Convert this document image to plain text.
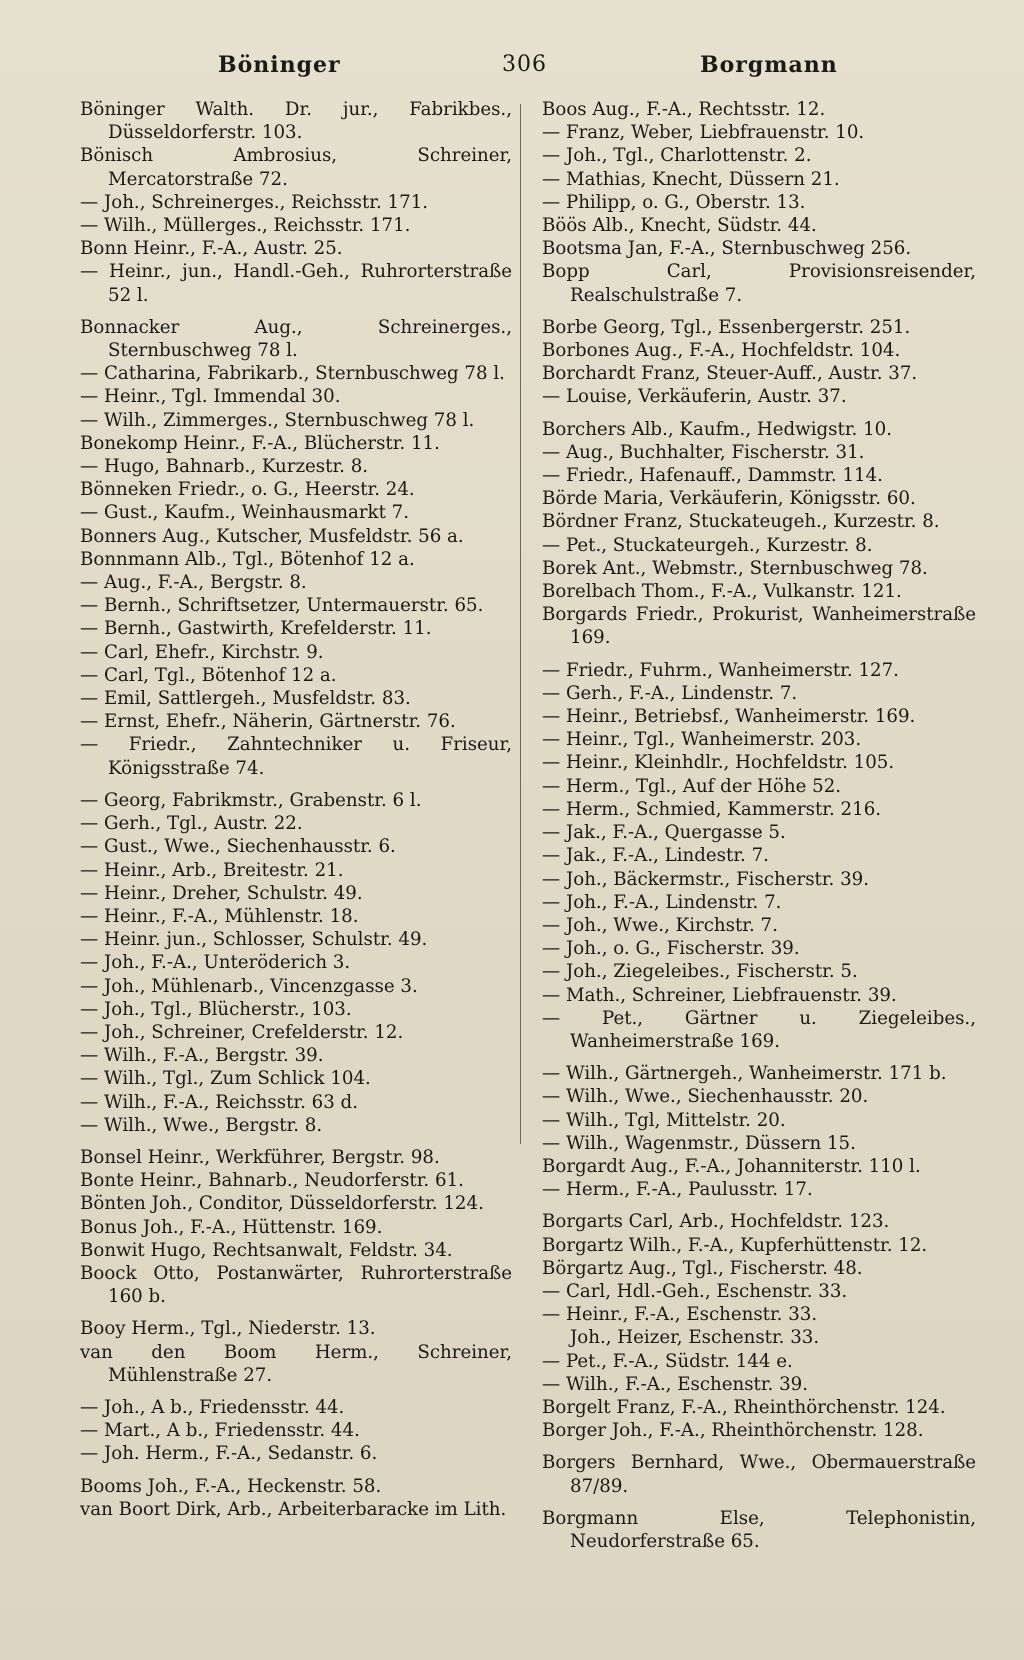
Böninger	306	Borgmann

Böninger Walth. Dr. jur., Fabrikbes., Düsseldorferstr. 103.

Bönisch Ambrosius, Schreiner, Mercatorstraße 72.

— Joh., Schreinerges., Reichsstr. 171.

— Wilh., Müllerges., Reichsstr. 171.

Bonn Heinr., F.-A., Austr. 25.

— Heinr., jun., Handl.-Geh., Ruhrorterstraße 52 l.

Bonnacker Aug., Schreinerges., Sternbuschweg 78 l.

— Catharina, Fabrikarb., Sternbuschweg 78 l.

— Heinr., Tgl. Immendal 30.

— Wilh., Zimmerges., Sternbuschweg 78 l.

Bonekomp Heinr., F.-A., Blücherstr. 11.

— Hugo, Bahnarb., Kurzestr. 8.

Bönneken Friedr., o. G., Heerstr. 24.

— Gust., Kaufm., Weinhausmarkt 7.

Bonners Aug., Kutscher, Musfeldstr. 56 a.

Bonnmann Alb., Tgl., Bötenhof 12 a.

— Aug., F.-A., Bergstr. 8.

— Bernh., Schriftsetzer, Untermauerstr. 65.

— Bernh., Gastwirth, Krefelderstr. 11.

— Carl, Ehefr., Kirchstr. 9.

— Carl, Tgl., Bötenhof 12 a.

— Emil, Sattlergeh., Musfeldstr. 83.

— Ernst, Ehefr., Näherin, Gärtnerstr. 76.

— Friedr., Zahntechniker u. Friseur, Königsstraße 74.

— Georg, Fabrikmstr., Grabenstr. 6 l.

— Gerh., Tgl., Austr. 22.

— Gust., Wwe., Siechenhausstr. 6.

— Heinr., Arb., Breitestr. 21.

— Heinr., Dreher, Schulstr. 49.

— Heinr., F.-A., Mühlenstr. 18.

— Heinr. jun., Schlosser, Schulstr. 49.

— Joh., F.-A., Unteröderich 3.

— Joh., Mühlenarb., Vincenzgasse 3.

— Joh., Tgl., Blücherstr., 103.

— Joh., Schreiner, Crefelderstr. 12.

— Wilh., F.-A., Bergstr. 39.

— Wilh., Tgl., Zum Schlick 104.

— Wilh., F.-A., Reichsstr. 63 d.

— Wilh., Wwe., Bergstr. 8.

Bonsel Heinr., Werkführer, Bergstr. 98.

Bonte Heinr., Bahnarb., Neudorferstr. 61.

Bönten Joh., Conditor, Düsseldorferstr. 124.

Bonus Joh., F.-A., Hüttenstr. 169.

Bonwit Hugo, Rechtsanwalt, Feldstr. 34.

Boock Otto, Postanwärter, Ruhrorterstraße 160 b.

Booy Herm., Tgl., Niederstr. 13.

van den Boom Herm., Schreiner, Mühlenstraße 27.

— Joh., A b., Friedensstr. 44.

— Mart., A b., Friedensstr. 44.

— Joh. Herm., F.-A., Sedanstr. 6.

Booms Joh., F.-A., Heckenstr. 58.

van Boort Dirk, Arb., Arbeiterbaracke im Lith.

Boos Aug., F.-A., Rechtsstr. 12.

— Franz, Weber, Liebfrauenstr. 10.

— Joh., Tgl., Charlottenstr. 2.

— Mathias, Knecht, Düssern 21.

— Philipp, o. G., Oberstr. 13.

Böös Alb., Knecht, Südstr. 44.

Bootsma Jan, F.-A., Sternbuschweg 256.

Bopp Carl, Provisionsreisender, Realschulstraße 7.

Borbe Georg, Tgl., Essenbergerstr. 251.

Borbones Aug., F.-A., Hochfeldstr. 104.

Borchardt Franz, Steuer-Auff., Austr. 37.

— Louise, Verkäuferin, Austr. 37.

Borchers Alb., Kaufm., Hedwigstr. 10.

— Aug., Buchhalter, Fischerstr. 31.

— Friedr., Hafenauff., Dammstr. 114.

Börde Maria, Verkäuferin, Königsstr. 60.

Bördner Franz, Stuckateugeh., Kurzestr. 8.

— Pet., Stuckateurgeh., Kurzestr. 8.

Borek Ant., Webmstr., Sternbuschweg 78.

Borelbach Thom., F.-A., Vulkanstr. 121.

Borgards Friedr., Prokurist, Wanheimerstraße 169.

— Friedr., Fuhrm., Wanheimerstr. 127.

— Gerh., F.-A., Lindenstr. 7.

— Heinr., Betriebsf., Wanheimerstr. 169.

— Heinr., Tgl., Wanheimerstr. 203.

— Heinr., Kleinhdlr., Hochfeldstr. 105.

— Herm., Tgl., Auf der Höhe 52.

— Herm., Schmied, Kammerstr. 216.

— Jak., F.-A., Quergasse 5.

— Jak., F.-A., Lindestr. 7.

— Joh., Bäckermstr., Fischerstr. 39.

— Joh., F.-A., Lindenstr. 7.

— Joh., Wwe., Kirchstr. 7.

— Joh., o. G., Fischerstr. 39.

— Joh., Ziegeleibes., Fischerstr. 5.

— Math., Schreiner, Liebfrauenstr. 39.

— Pet., Gärtner u. Ziegeleibes., Wanheimerstraße 169.

— Wilh., Gärtnergeh., Wanheimerstr. 171 b.

— Wilh., Wwe., Siechenhausstr. 20.

— Wilh., Tgl, Mittelstr. 20.

— Wilh., Wagenmstr., Düssern 15.

Borgardt Aug., F.-A., Johanniterstr. 110 l.

— Herm., F.-A., Paulusstr. 17.

Borgarts Carl, Arb., Hochfeldstr. 123.

Borgartz Wilh., F.-A., Kupferhüttenstr. 12.

Börgartz Aug., Tgl., Fischerstr. 48.

— Carl, Hdl.-Geh., Eschenstr. 33.

— Heinr., F.-A., Eschenstr. 33.

Joh., Heizer, Eschenstr. 33.

— Pet., F.-A., Südstr. 144 e.

— Wilh., F.-A., Eschenstr. 39.

Borgelt Franz, F.-A., Rheinthörchenstr. 124.

Borger Joh., F.-A., Rheinthörchenstr. 128.

Borgers Bernhard, Wwe., Obermauerstraße 87/89.

Borgmann Else, Telephonistin, Neudorferstraße 65.
